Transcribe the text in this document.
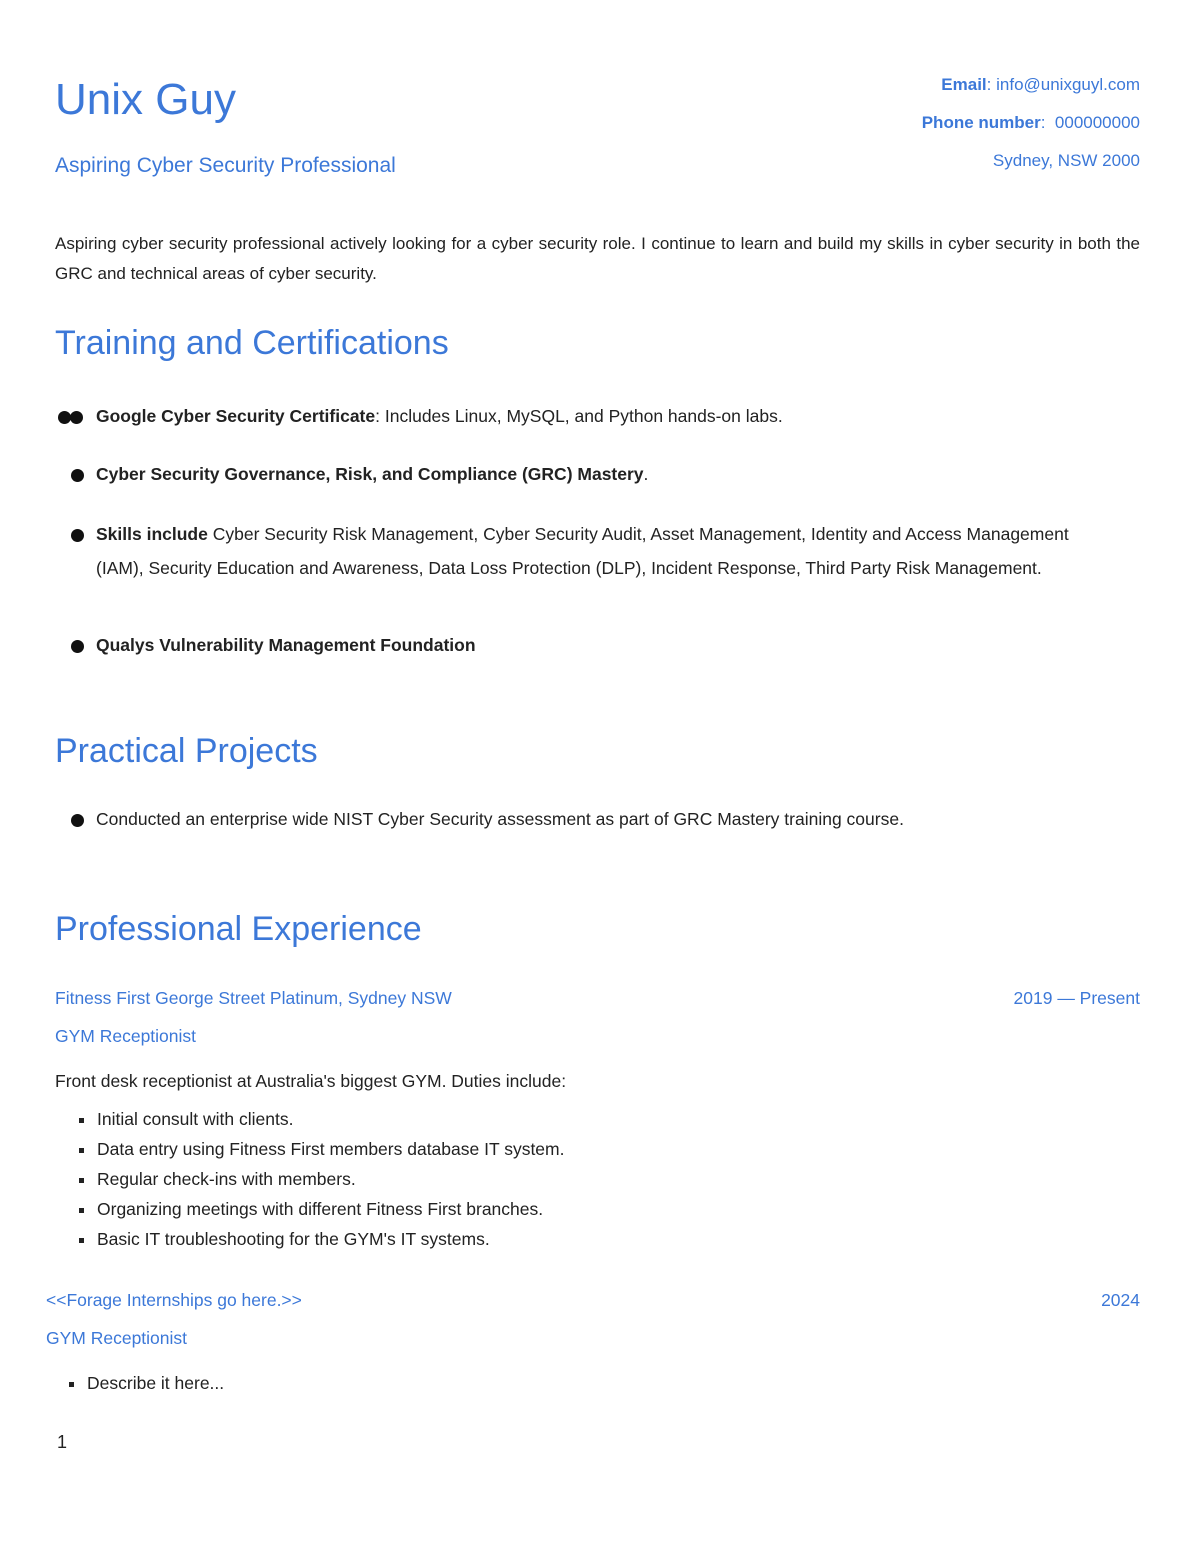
Unix Guy
Aspiring Cyber Security Professional
Email: info@unixguyl.com
Phone number:  000000000
Sydney, NSW 2000
Aspiring cyber security professional actively looking for a cyber security role. I continue to learn and build my skills in cyber security in both the GRC and technical areas of cyber security.
Training and Certifications
Google Cyber Security Certificate: Includes Linux, MySQL, and Python hands-on labs.
Cyber Security Governance, Risk, and Compliance (GRC) Mastery.
Skills include Cyber Security Risk Management, Cyber Security Audit, Asset Management, Identity and Access Management (IAM), Security Education and Awareness, Data Loss Protection (DLP), Incident Response, Third Party Risk Management.
Qualys Vulnerability Management Foundation
Practical Projects
Conducted an enterprise wide NIST Cyber Security assessment as part of GRC Mastery training course.
Professional Experience
Fitness First George Street Platinum, Sydney NSW	2019 — Present
GYM Receptionist
Front desk receptionist at Australia's biggest GYM. Duties include:
Initial consult with clients.
Data entry using Fitness First members database IT system.
Regular check-ins with members.
Organizing meetings with different Fitness First branches.
Basic IT troubleshooting for the GYM's IT systems.
<<Forage Internships go here.>>	2024
GYM Receptionist
Describe it here...
1
